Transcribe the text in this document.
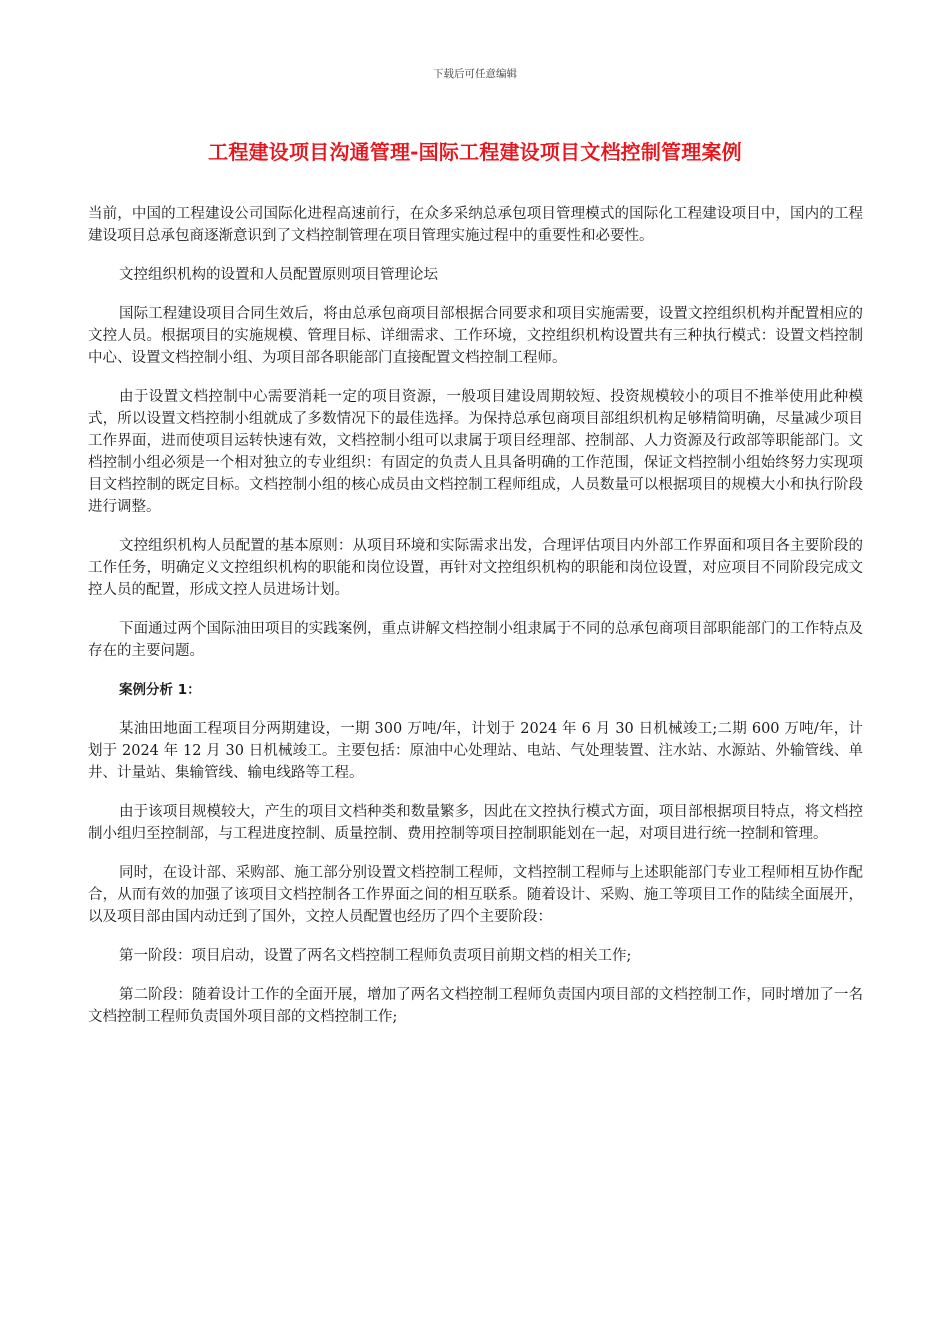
下载后可任意编辑
工程建设项目沟通管理-国际工程建设项目文档控制管理案例

当前，中国的工程建设公司国际化进程高速前行，在众多采纳总承包项目管理模式的国际化工程建设项目中，国内的工程建设项目总承包商逐渐意识到了文档控制管理在项目管理实施过程中的重要性和必要性。

文控组织机构的设置和人员配置原则项目管理论坛

国际工程建设项目合同生效后，将由总承包商项目部根据合同要求和项目实施需要，设置文控组织机构并配置相应的文控人员。根据项目的实施规模、管理目标、详细需求、工作环境，文控组织机构设置共有三种执行模式：设置文档控制中心、设置文档控制小组、为项目部各职能部门直接配置文档控制工程师。

由于设置文档控制中心需要消耗一定的项目资源，一般项目建设周期较短、投资规模较小的项目不推举使用此种模式，所以设置文档控制小组就成了多数情况下的最佳选择。为保持总承包商项目部组织机构足够精简明确，尽量减少项目工作界面，进而使项目运转快速有效，文档控制小组可以隶属于项目经理部、控制部、人力资源及行政部等职能部门。文档控制小组必须是一个相对独立的专业组织：有固定的负责人且具备明确的工作范围，保证文档控制小组始终努力实现项目文档控制的既定目标。文档控制小组的核心成员由文档控制工程师组成，人员数量可以根据项目的规模大小和执行阶段进行调整。

文控组织机构人员配置的基本原则：从项目环境和实际需求出发，合理评估项目内外部工作界面和项目各主要阶段的工作任务，明确定义文控组织机构的职能和岗位设置，再针对文控组织机构的职能和岗位设置，对应项目不同阶段完成文控人员的配置，形成文控人员进场计划。

下面通过两个国际油田项目的实践案例，重点讲解文档控制小组隶属于不同的总承包商项目部职能部门的工作特点及存在的主要问题。

案例分析 1：

某油田地面工程项目分两期建设，一期 300 万吨/年，计划于 2024 年 6 月 30 日机械竣工;二期 600 万吨/年，计划于 2024 年 12 月 30 日机械竣工。主要包括：原油中心处理站、电站、气处理装置、注水站、水源站、外输管线、单井、计量站、集输管线、输电线路等工程。

由于该项目规模较大，产生的项目文档种类和数量繁多，因此在文控执行模式方面，项目部根据项目特点，将文档控制小组归至控制部，与工程进度控制、质量控制、费用控制等项目控制职能划在一起，对项目进行统一控制和管理。

同时，在设计部、采购部、施工部分别设置文档控制工程师，文档控制工程师与上述职能部门专业工程师相互协作配合，从而有效的加强了该项目文档控制各工作界面之间的相互联系。随着设计、采购、施工等项目工作的陆续全面展开，以及项目部由国内动迁到了国外，文控人员配置也经历了四个主要阶段：

第一阶段：项目启动，设置了两名文档控制工程师负责项目前期文档的相关工作;

第二阶段：随着设计工作的全面开展，增加了两名文档控制工程师负责国内项目部的文档控制工作，同时增加了一名文档控制工程师负责国外项目部的文档控制工作;
